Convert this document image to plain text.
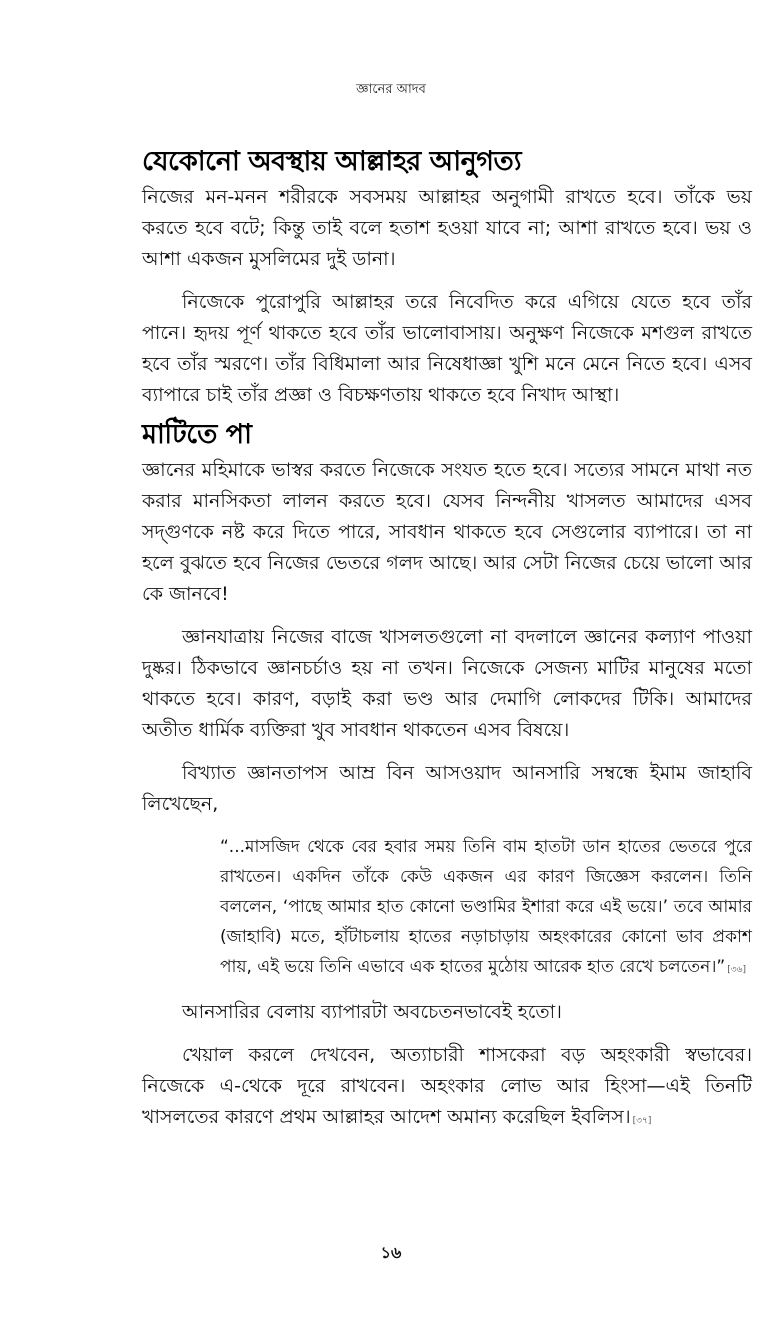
জ্ঞানের আদব
যেকোনো অবস্থায় আল্লাহর আনুগত্য

নিজের মন-মনন শরীরকে সবসময় আল্লাহর অনুগামী রাখতে হবে। তাঁকে ভয় করতে হবে বটে; কিন্তু তাই বলে হতাশ হওয়া যাবে না; আশা রাখতে হবে। ভয় ও আশা একজন মুসলিমের দুই ডানা।

নিজেকে পুরোপুরি আল্লাহর তরে নিবেদিত করে এগিয়ে যেতে হবে তাঁর পানে। হৃদয় পূর্ণ থাকতে হবে তাঁর ভালোবাসায়। অনুক্ষণ নিজেকে মশগুল রাখতে হবে তাঁর স্মরণে। তাঁর বিধিমালা আর নিষেধাজ্ঞা খুশি মনে মেনে নিতে হবে। এসব ব্যাপারে চাই তাঁর প্রজ্ঞা ও বিচক্ষণতায় থাকতে হবে নিখাদ আস্থা।

মাটিতে পা

জ্ঞানের মহিমাকে ভাস্বর করতে নিজেকে সংযত হতে হবে। সত্যের সামনে মাথা নত করার মানসিকতা লালন করতে হবে। যেসব নিন্দনীয় খাসলত আমাদের এসব সদ্গুণকে নষ্ট করে দিতে পারে, সাবধান থাকতে হবে সেগুলোর ব্যাপারে। তা না হলে বুঝতে হবে নিজের ভেতরে গলদ আছে। আর সেটা নিজের চেয়ে ভালো আর কে জানবে!

জ্ঞানযাত্রায় নিজের বাজে খাসলতগুলো না বদলালে জ্ঞানের কল্যাণ পাওয়া দুষ্কর। ঠিকভাবে জ্ঞানচর্চাও হয় না তখন। নিজেকে সেজন্য মাটির মানুষের মতো থাকতে হবে। কারণ, বড়াই করা ভণ্ড আর দেমাগি লোকদের টিকি। আমাদের অতীত ধার্মিক ব্যক্তিরা খুব সাবধান থাকতেন এসব বিষয়ে।

বিখ্যাত জ্ঞানতাপস আম্র বিন আসওয়াদ আনসারি সম্বন্ধে ইমাম জাহাবি লিখেছেন,

“...মাসজিদ থেকে বের হবার সময় তিনি বাম হাতটা ডান হাতের ভেতরে পুরে রাখতেন। একদিন তাঁকে কেউ একজন এর কারণ জিজ্ঞেস করলেন। তিনি বললেন, ‘পাছে আমার হাত কোনো ভণ্ডামির ইশারা করে এই ভয়ে।’ তবে আমার (জাহাবি) মতে, হাঁটাচলায় হাতের নড়াচাড়ায় অহংকারের কোনো ভাব প্রকাশ পায়, এই ভয়ে তিনি এভাবে এক হাতের মুঠোয় আরেক হাত রেখে চলতেন।” [৩৬]

আনসারির বেলায় ব্যাপারটা অবচেতনভাবেই হতো।

খেয়াল করলে দেখবেন, অত্যাচারী শাসকেরা বড় অহংকারী স্বভাবের। নিজেকে এ-থেকে দূরে রাখবেন। অহংকার লোভ আর হিংসা—এই তিনটি খাসলতের কারণে প্রথম আল্লাহর আদেশ অমান্য করেছিল ইবলিস। [৩৭]

১৬
